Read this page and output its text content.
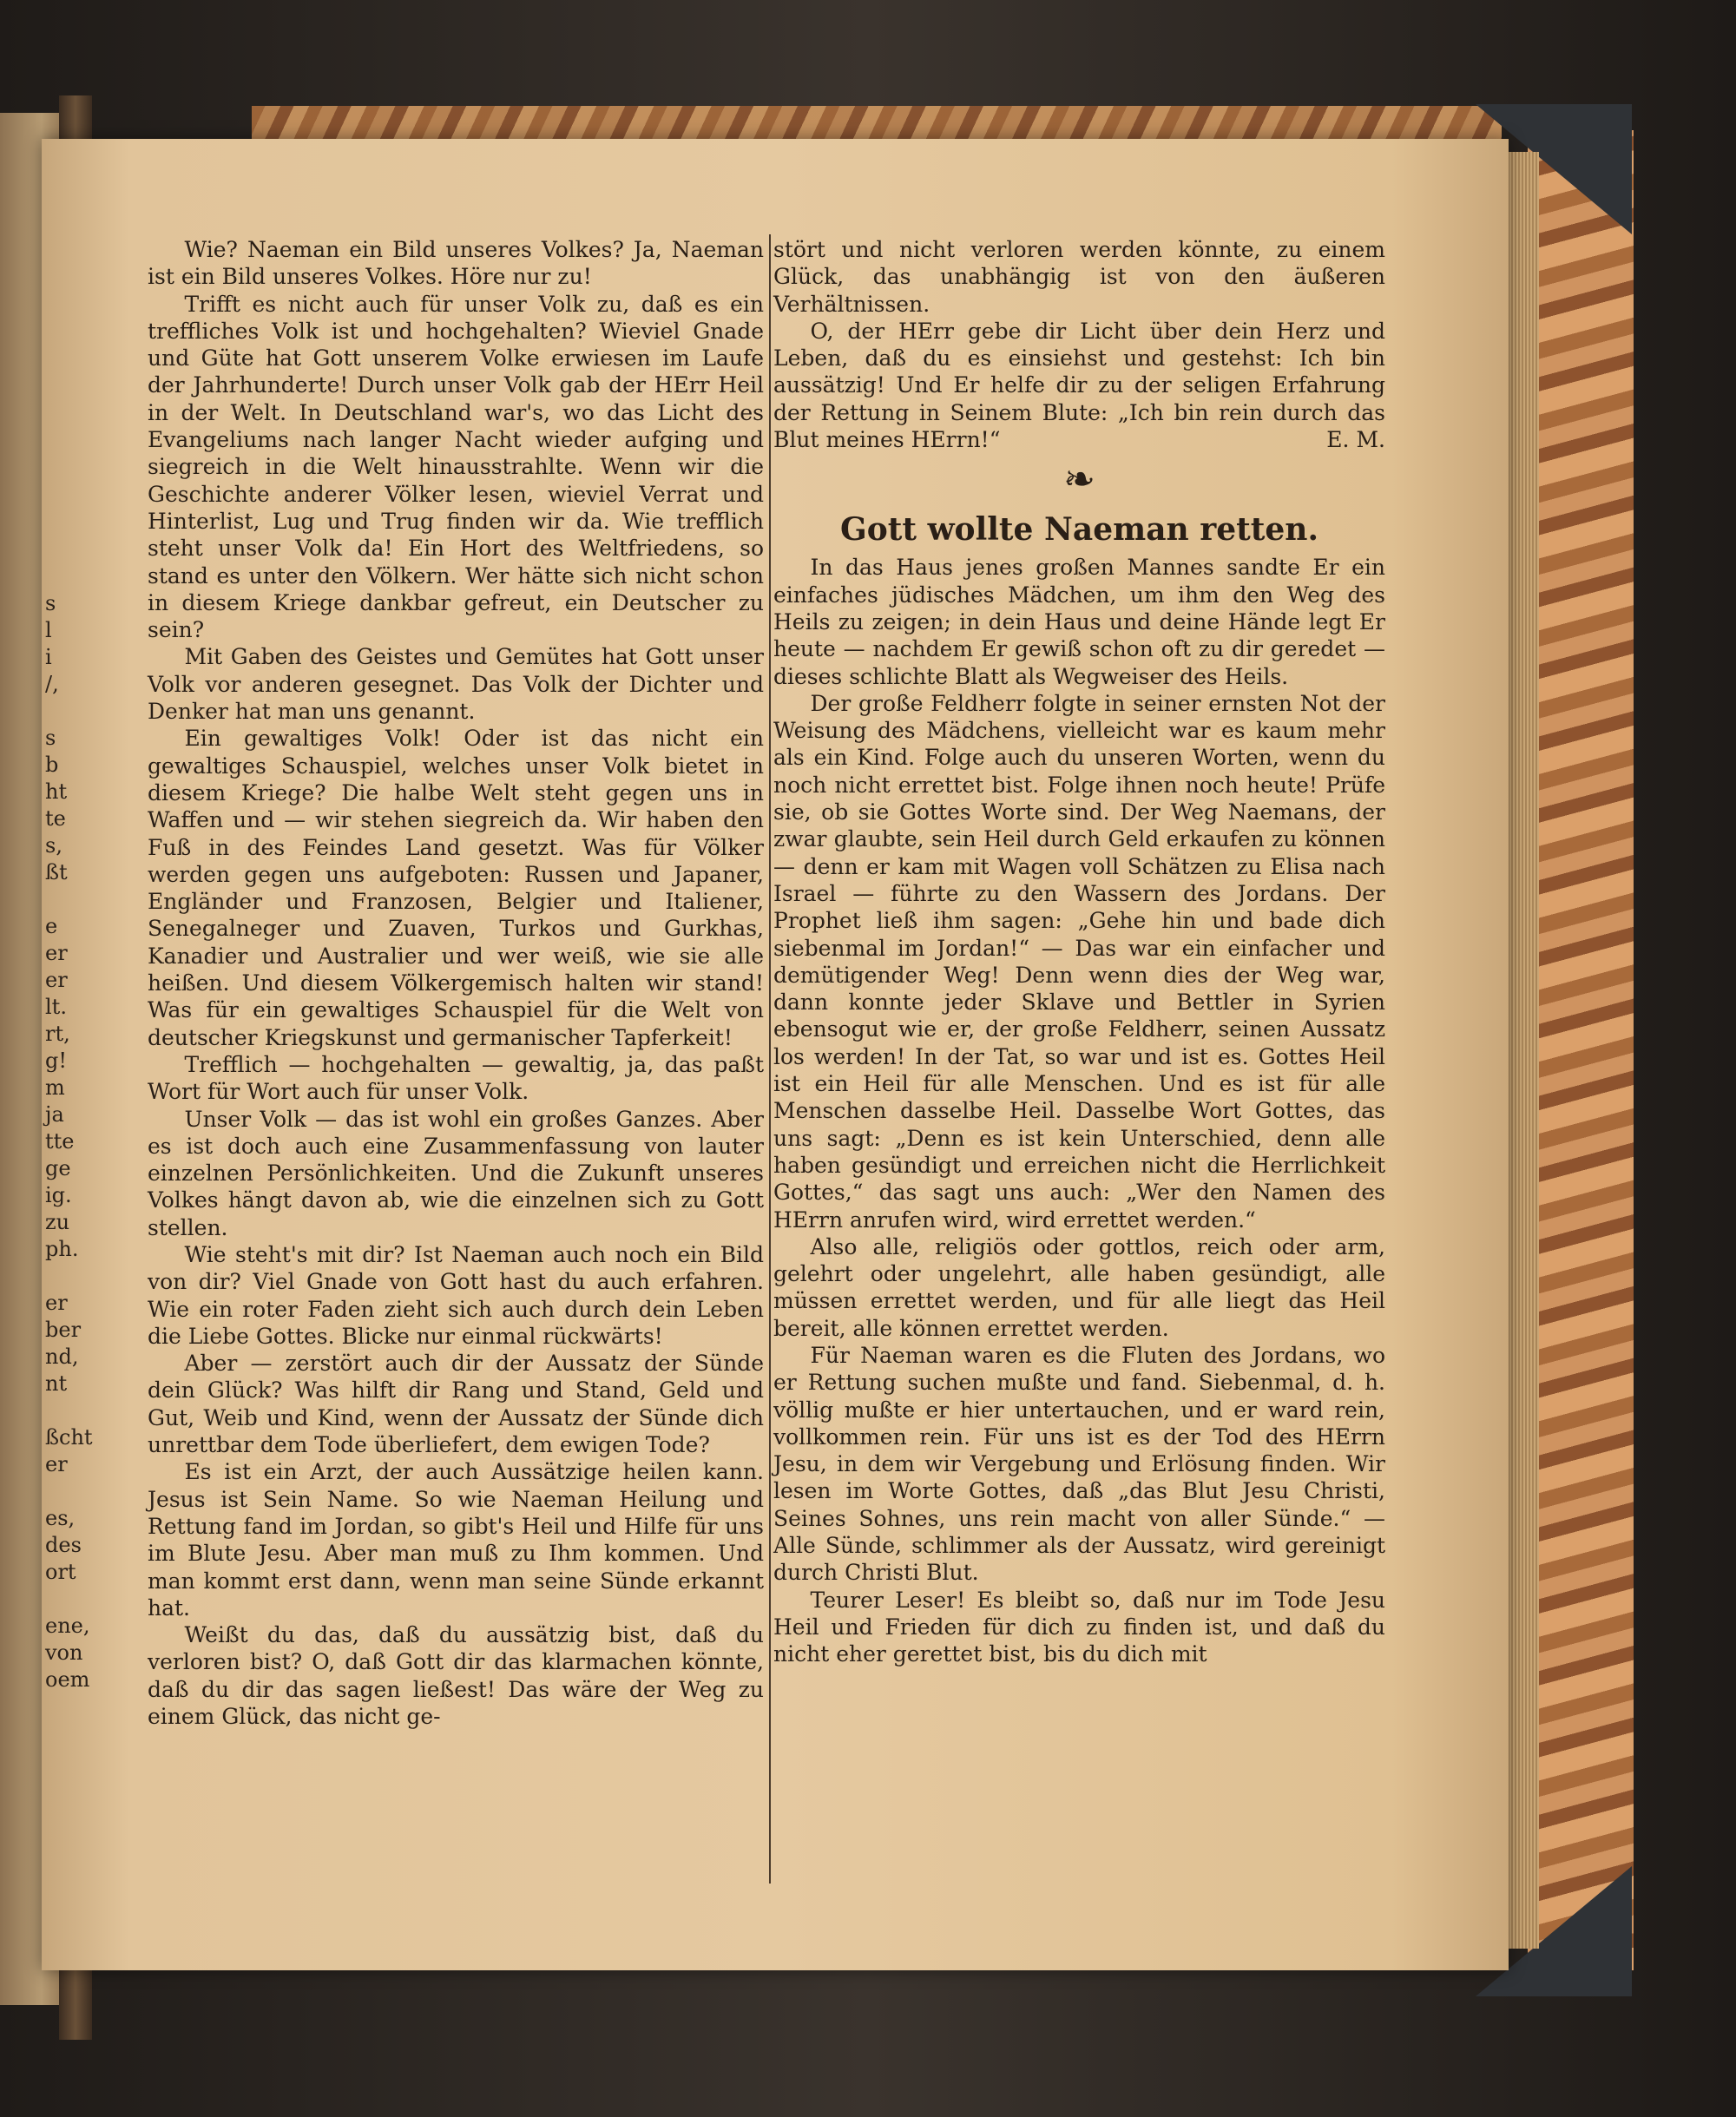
s
l
i
/,
s
b
ht
te
s,
ßt
e
er
er
lt.
rt,
g!
m
ja
tte
ge
ig.
zu
ph.
er
ber
nd,
nt
ßcht
er
es,
des
ort
ene,
von
oem

Wie? Naeman ein Bild unseres Volkes? Ja, Naeman ist ein Bild unseres Volkes. Höre nur zu!

Trifft es nicht auch für unser Volk zu, daß es ein treffliches Volk ist und hochgehalten? Wieviel Gnade und Güte hat Gott unserem Volke erwiesen im Laufe der Jahrhunderte! Durch unser Volk gab der HErr Heil in der Welt. In Deutschland war's, wo das Licht des Evangeliums nach langer Nacht wieder aufging und siegreich in die Welt hinausstrahlte. Wenn wir die Geschichte anderer Völker lesen, wieviel Verrat und Hinterlist, Lug und Trug finden wir da. Wie trefflich steht unser Volk da! Ein Hort des Weltfriedens, so stand es unter den Völkern. Wer hätte sich nicht schon in diesem Kriege dankbar gefreut, ein Deutscher zu sein?

Mit Gaben des Geistes und Gemütes hat Gott unser Volk vor anderen gesegnet. Das Volk der Dichter und Denker hat man uns genannt.

Ein gewaltiges Volk! Oder ist das nicht ein gewaltiges Schauspiel, welches unser Volk bietet in diesem Kriege? Die halbe Welt steht gegen uns in Waffen und — wir stehen siegreich da. Wir haben den Fuß in des Feindes Land gesetzt. Was für Völker werden gegen uns aufgeboten: Russen und Japaner, Engländer und Franzosen, Belgier und Italiener, Senegalneger und Zuaven, Turkos und Gurkhas, Kanadier und Australier und wer weiß, wie sie alle heißen. Und diesem Völkergemisch halten wir stand! Was für ein gewaltiges Schauspiel für die Welt von deutscher Kriegskunst und germanischer Tapferkeit!

Trefflich — hochgehalten — gewaltig, ja, das paßt Wort für Wort auch für unser Volk.

Unser Volk — das ist wohl ein großes Ganzes. Aber es ist doch auch eine Zusammenfassung von lauter einzelnen Persönlichkeiten. Und die Zukunft unseres Volkes hängt davon ab, wie die einzelnen sich zu Gott stellen.

Wie steht's mit dir? Ist Naeman auch noch ein Bild von dir? Viel Gnade von Gott hast du auch erfahren. Wie ein roter Faden zieht sich auch durch dein Leben die Liebe Gottes. Blicke nur einmal rückwärts!

Aber — zerstört auch dir der Aussatz der Sünde dein Glück? Was hilft dir Rang und Stand, Geld und Gut, Weib und Kind, wenn der Aussatz der Sünde dich unrettbar dem Tode überliefert, dem ewigen Tode?

Es ist ein Arzt, der auch Aussätzige heilen kann. Jesus ist Sein Name. So wie Naeman Heilung und Rettung fand im Jordan, so gibt's Heil und Hilfe für uns im Blute Jesu. Aber man muß zu Ihm kommen. Und man kommt erst dann, wenn man seine Sünde erkannt hat.

Weißt du das, daß du aussätzig bist, daß du verloren bist? O, daß Gott dir das klarmachen könnte, daß du dir das sagen ließest! Das wäre der Weg zu einem Glück, das nicht ge-

stört und nicht verloren werden könnte, zu einem Glück, das unabhängig ist von den äußeren Verhältnissen.

O, der HErr gebe dir Licht über dein Herz und Leben, daß du es einsiehst und gestehst: Ich bin aussätzig! Und Er helfe dir zu der seligen Erfahrung der Rettung in Seinem Blute: „Ich bin rein durch das Blut meines HErrn!“	E. M.

❧
Gott wollte Naeman retten.

In das Haus jenes großen Mannes sandte Er ein einfaches jüdisches Mädchen, um ihm den Weg des Heils zu zeigen; in dein Haus und deine Hände legt Er heute — nachdem Er gewiß schon oft zu dir geredet — dieses schlichte Blatt als Wegweiser des Heils.

Der große Feldherr folgte in seiner ernsten Not der Weisung des Mädchens, vielleicht war es kaum mehr als ein Kind. Folge auch du unseren Worten, wenn du noch nicht errettet bist. Folge ihnen noch heute! Prüfe sie, ob sie Gottes Worte sind. Der Weg Naemans, der zwar glaubte, sein Heil durch Geld erkaufen zu können — denn er kam mit Wagen voll Schätzen zu Elisa nach Israel — führte zu den Wassern des Jordans. Der Prophet ließ ihm sagen: „Gehe hin und bade dich siebenmal im Jordan!“ — Das war ein einfacher und demütigender Weg! Denn wenn dies der Weg war, dann konnte jeder Sklave und Bettler in Syrien ebensogut wie er, der große Feldherr, seinen Aussatz los werden! In der Tat, so war und ist es. Gottes Heil ist ein Heil für alle Menschen. Und es ist für alle Menschen dasselbe Heil. Dasselbe Wort Gottes, das uns sagt: „Denn es ist kein Unterschied, denn alle haben gesündigt und erreichen nicht die Herrlichkeit Gottes,“ das sagt uns auch: „Wer den Namen des HErrn anrufen wird, wird errettet werden.“

Also alle, religiös oder gottlos, reich oder arm, gelehrt oder ungelehrt, alle haben gesündigt, alle müssen errettet werden, und für alle liegt das Heil bereit, alle können errettet werden.

Für Naeman waren es die Fluten des Jordans, wo er Rettung suchen mußte und fand. Siebenmal, d. h. völlig mußte er hier untertauchen, und er ward rein, vollkommen rein. Für uns ist es der Tod des HErrn Jesu, in dem wir Vergebung und Erlösung finden. Wir lesen im Worte Gottes, daß „das Blut Jesu Christi, Seines Sohnes, uns rein macht von aller Sünde.“ — Alle Sünde, schlimmer als der Aussatz, wird gereinigt durch Christi Blut.

Teurer Leser! Es bleibt so, daß nur im Tode Jesu Heil und Frieden für dich zu finden ist, und daß du nicht eher gerettet bist, bis du dich mit
